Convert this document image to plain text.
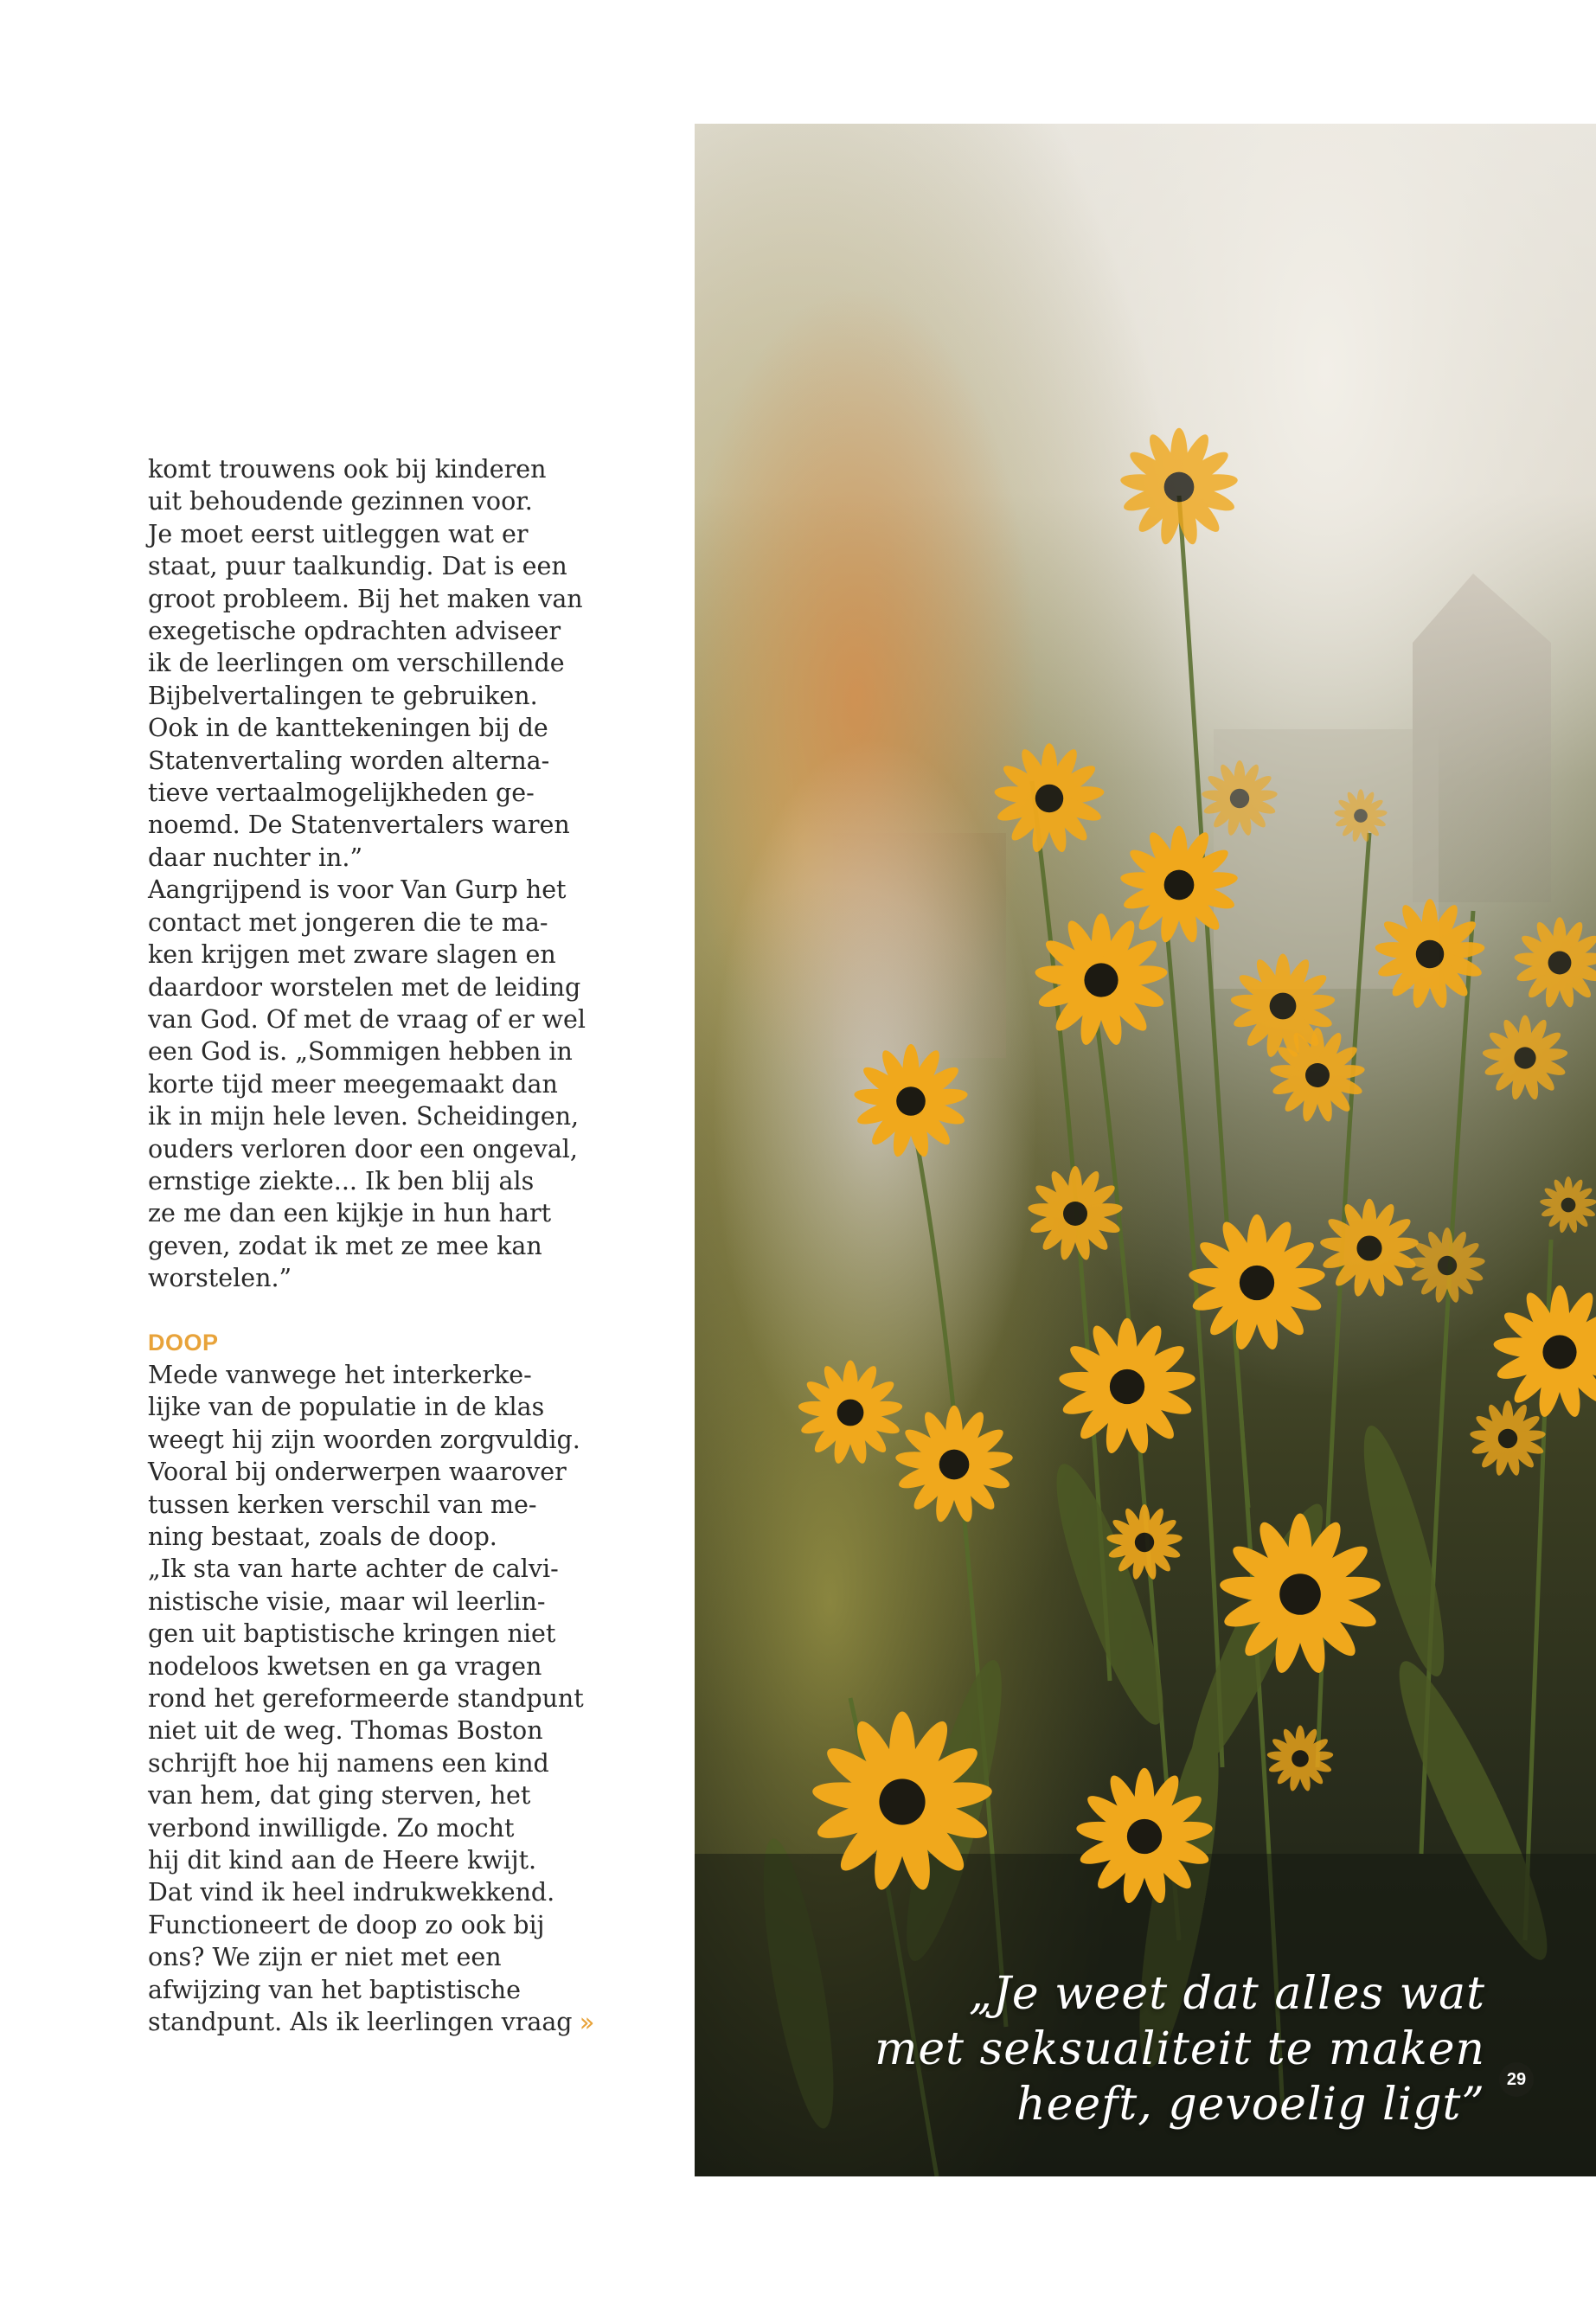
komt trouwens ook bij kinderen
uit behoudende gezinnen voor.
Je moet eerst uitleggen wat er
staat, puur taalkundig. Dat is een
groot probleem. Bij het maken van
exegetische opdrachten adviseer
ik de leerlingen om verschillende
Bijbelvertalingen te gebruiken.
Ook in de kanttekeningen bij de
Statenvertaling worden alterna-
tieve vertaalmogelijkheden ge-
noemd. De Statenvertalers waren
daar nuchter in.”
Aangrijpend is voor Van Gurp het
contact met jongeren die te ma-
ken krijgen met zware slagen en
daardoor worstelen met de leiding
van God. Of met de vraag of er wel
een God is. „Sommigen hebben in
korte tijd meer meegemaakt dan
ik in mijn hele leven. Scheidingen,
ouders verloren door een ongeval,
ernstige ziekte... Ik ben blij als
ze me dan een kijkje in hun hart
geven, zodat ik met ze mee kan
worstelen.”
DOOP
Mede vanwege het interkerke-
lijke van de populatie in de klas
weegt hij zijn woorden zorgvuldig.
Vooral bij onderwerpen waarover
tussen kerken verschil van me-
ning bestaat, zoals de doop.
„Ik sta van harte achter de calvi-
nistische visie, maar wil leerlin-
gen uit baptistische kringen niet
nodeloos kwetsen en ga vragen
rond het gereformeerde standpunt
niet uit de weg. Thomas Boston
schrijft hoe hij namens een kind
van hem, dat ging sterven, het
verbond inwilligde. Zo mocht
hij dit kind aan de Heere kwijt.
Dat vind ik heel indrukwekkend.
Functioneert de doop zo ook bij
ons? We zijn er niet met een
afwijzing van het baptistische
standpunt. Als ik leerlingen vraag ››
„Je weet dat alles wat
met seksualiteit te maken
heeft, gevoelig ligt”	29
